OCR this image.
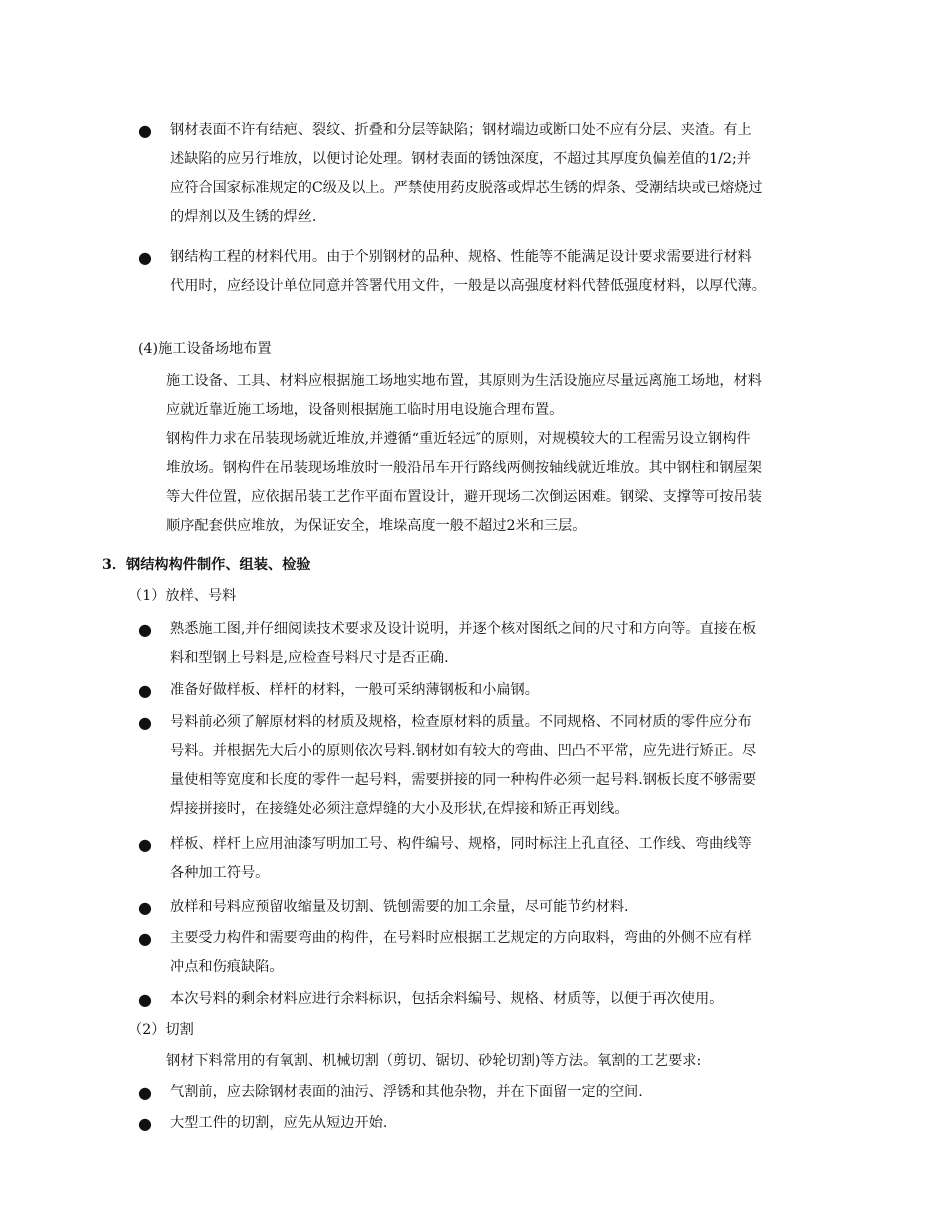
● 钢材表面不许有结疤、裂纹、折叠和分层等缺陷；钢材端边或断口处不应有分层、夹渣。有上
述缺陷的应另行堆放，以便讨论处理。钢材表面的锈蚀深度，不超过其厚度负偏差值的1/2;并
应符合国家标准规定的C级及以上。严禁使用药皮脱落或焊芯生锈的焊条、受潮结块或已熔烧过
的焊剂以及生锈的焊丝.
● 钢结构工程的材料代用。由于个别钢材的品种、规格、性能等不能满足设计要求需要进行材料
代用时，应经设计单位同意并答署代用文件，一般是以高强度材料代替低强度材料，以厚代薄。
(4)施工设备场地布置
施工设备、工具、材料应根据施工场地实地布置，其原则为生活设施应尽量远离施工场地，材料
应就近靠近施工场地，设备则根据施工临时用电设施合理布置。
钢构件力求在吊装现场就近堆放,并遵循“重近轻远″的原则，对规模较大的工程需另设立钢构件
堆放场。钢构件在吊装现场堆放时一般沿吊车开行路线两侧按轴线就近堆放。其中钢柱和钢屋架
等大件位置，应依据吊装工艺作平面布置设计，避开现场二次倒运困难。钢梁、支撑等可按吊装
顺序配套供应堆放，为保证安全，堆垛高度一般不超过2米和三层。
3．钢结构构件制作、组装、检验
（1）放样、号料
● 熟悉施工图,并仔细阅读技术要求及设计说明，并逐个核对图纸之间的尺寸和方向等。直接在板
料和型钢上号料是,应检查号料尺寸是否正确.
● 准备好做样板、样杆的材料，一般可采纳薄钢板和小扁钢。
● 号料前必须了解原材料的材质及规格，检查原材料的质量。不同规格、不同材质的零件应分布
号料。并根据先大后小的原则依次号料.钢材如有较大的弯曲、凹凸不平常，应先进行矫正。尽
量使相等宽度和长度的零件一起号料，需要拼接的同一种构件必须一起号料.钢板长度不够需要
焊接拼接时，在接缝处必须注意焊缝的大小及形状,在焊接和矫正再划线。
● 样板、样杆上应用油漆写明加工号、构件编号、规格，同时标注上孔直径、工作线、弯曲线等
各种加工符号。
● 放样和号料应预留收缩量及切割、铣刨需要的加工余量，尽可能节约材料.
● 主要受力构件和需要弯曲的构件，在号料时应根据工艺规定的方向取料，弯曲的外侧不应有样
冲点和伤痕缺陷。
● 本次号料的剩余材料应进行余料标识，包括余料编号、规格、材质等，以便于再次使用。
（2）切割
钢材下料常用的有氧割、机械切割（剪切、锯切、砂轮切割)等方法。氧割的工艺要求:
● 气割前，应去除钢材表面的油污、浮锈和其他杂物，并在下面留一定的空间.
● 大型工件的切割，应先从短边开始.
